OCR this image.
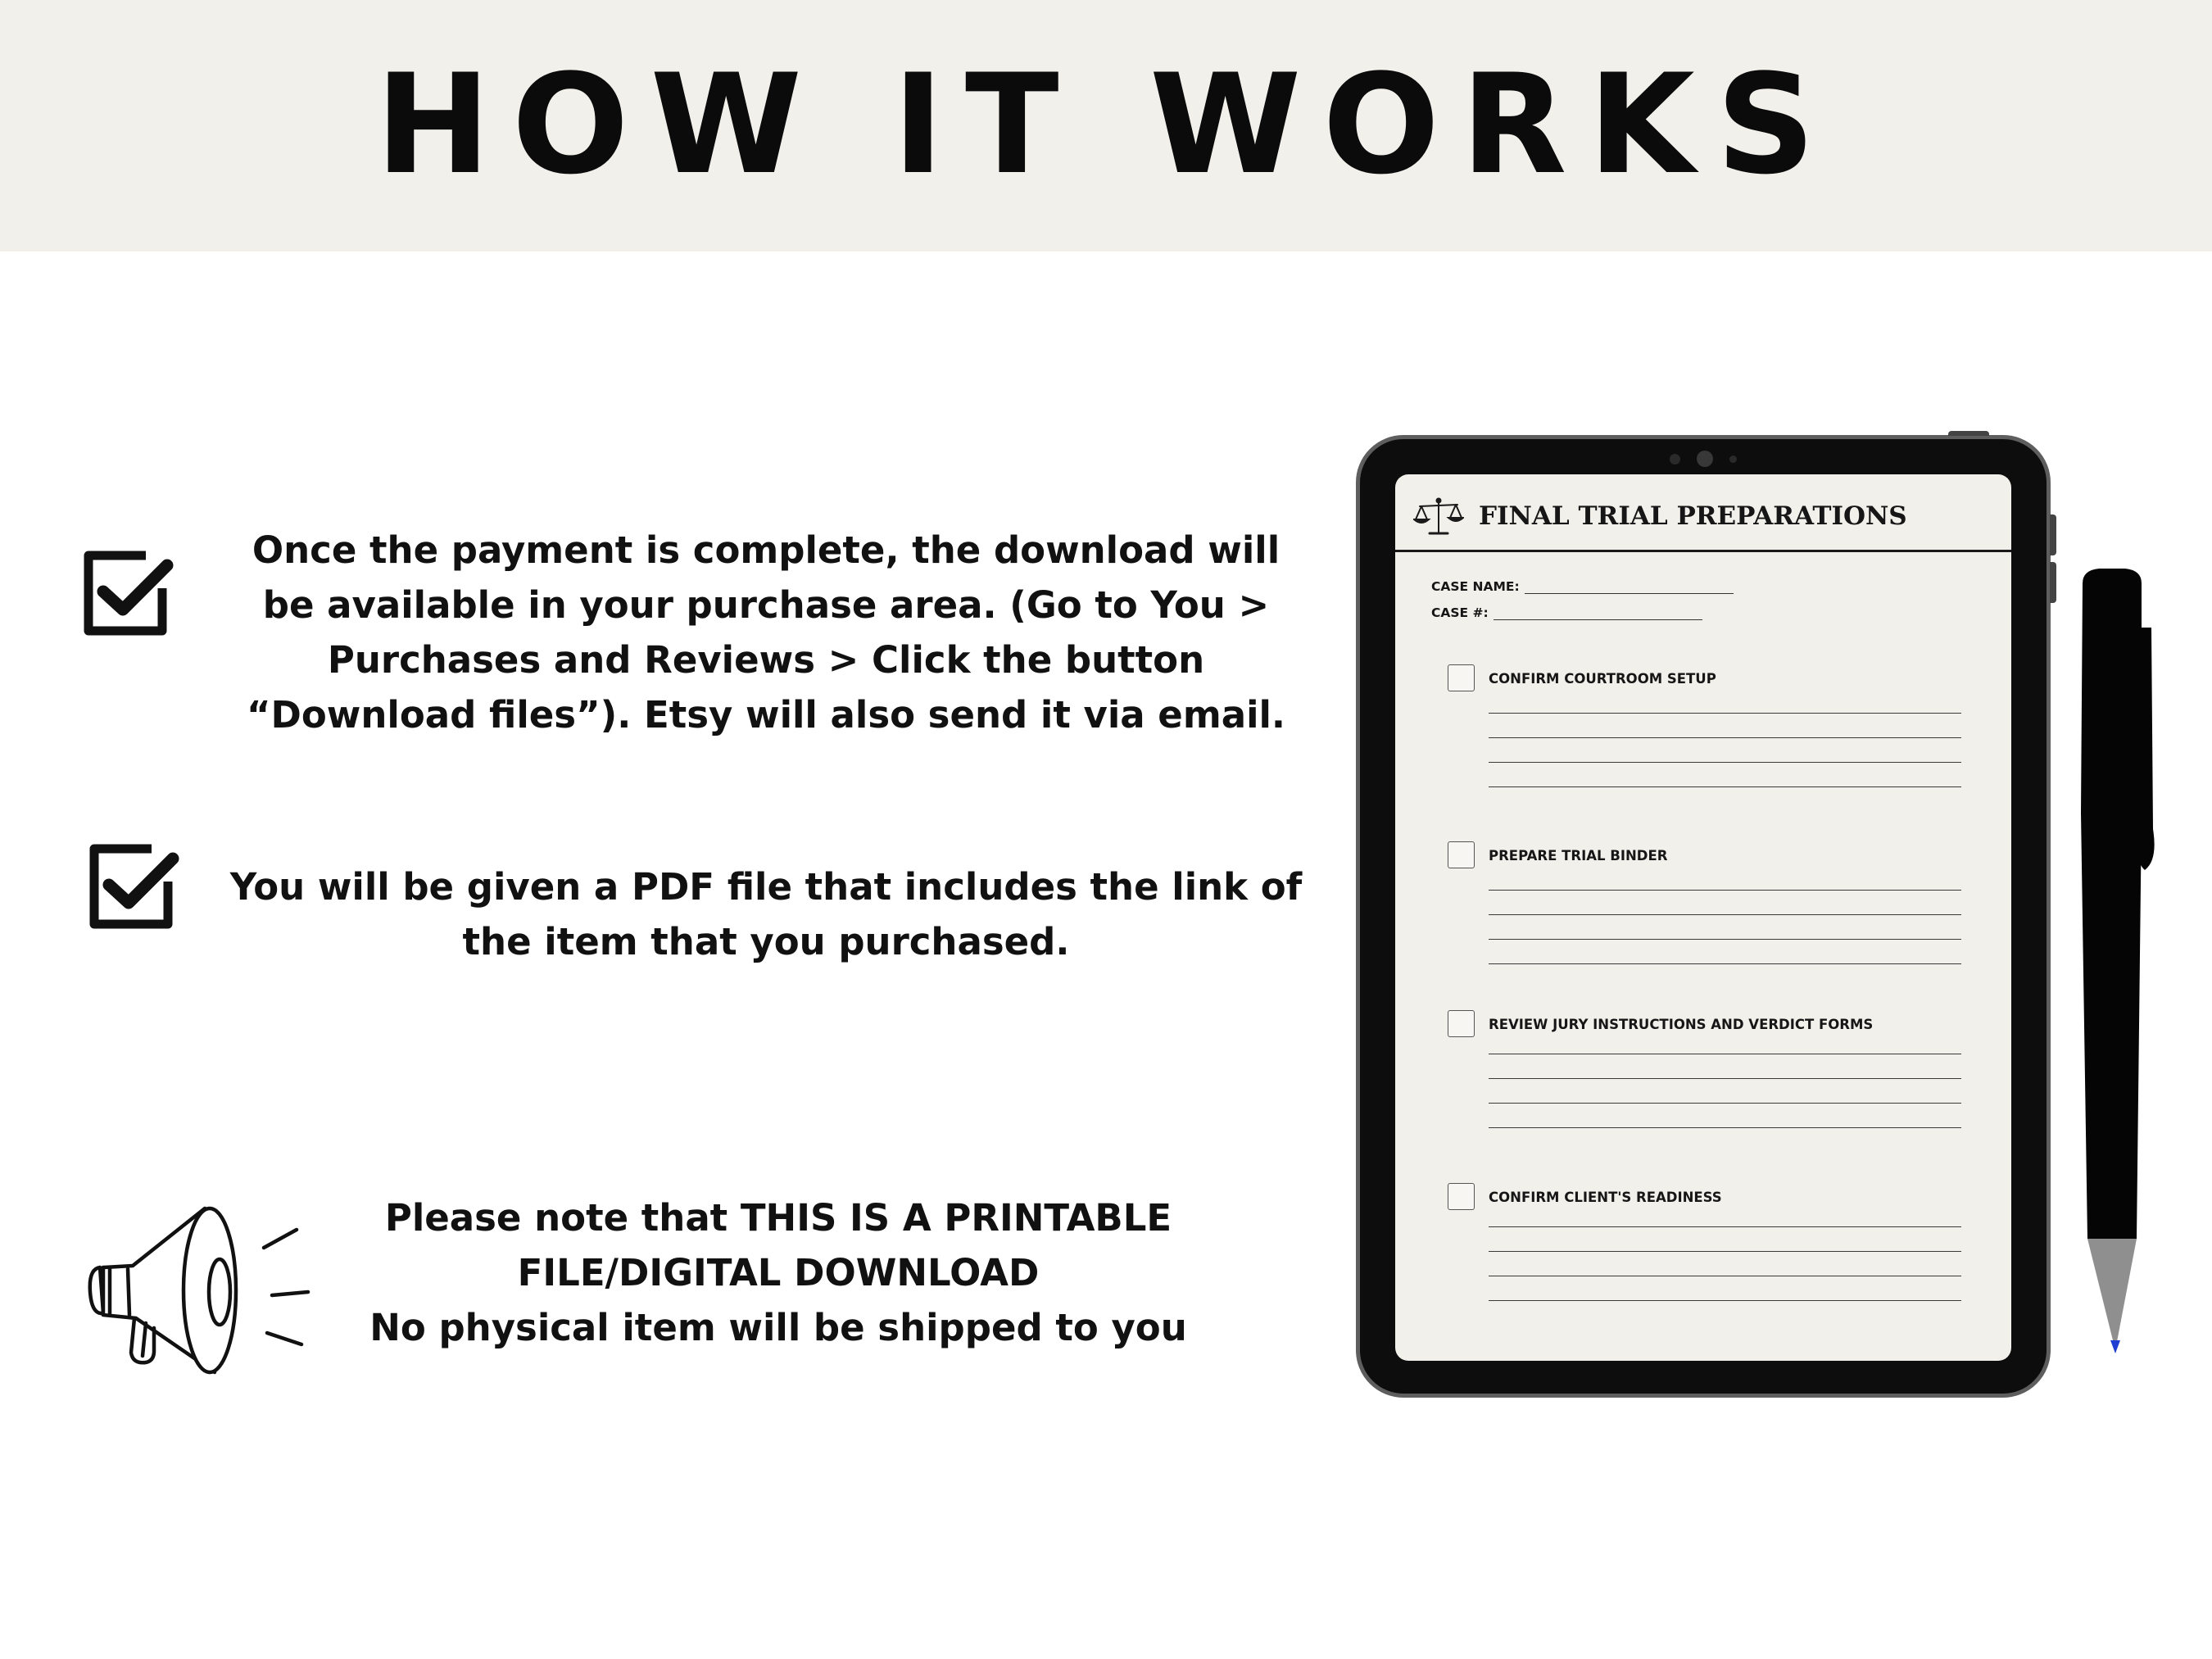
HOW IT WORKS
Once the payment is complete, the download will
be available in your purchase area. (Go to You >
Purchases and Reviews > Click the button
“Download files”). Etsy will also send it via email.
You will be given a PDF file that includes the link of
the item that you purchased.
Please note that THIS IS A PRINTABLE
FILE/DIGITAL DOWNLOAD
No physical item will be shipped to you
FINAL TRIAL PREPARATIONS
CASE NAME:
CASE #:
CONFIRM COURTROOM SETUP
PREPARE TRIAL BINDER
REVIEW JURY INSTRUCTIONS AND VERDICT FORMS
CONFIRM CLIENT'S READINESS
